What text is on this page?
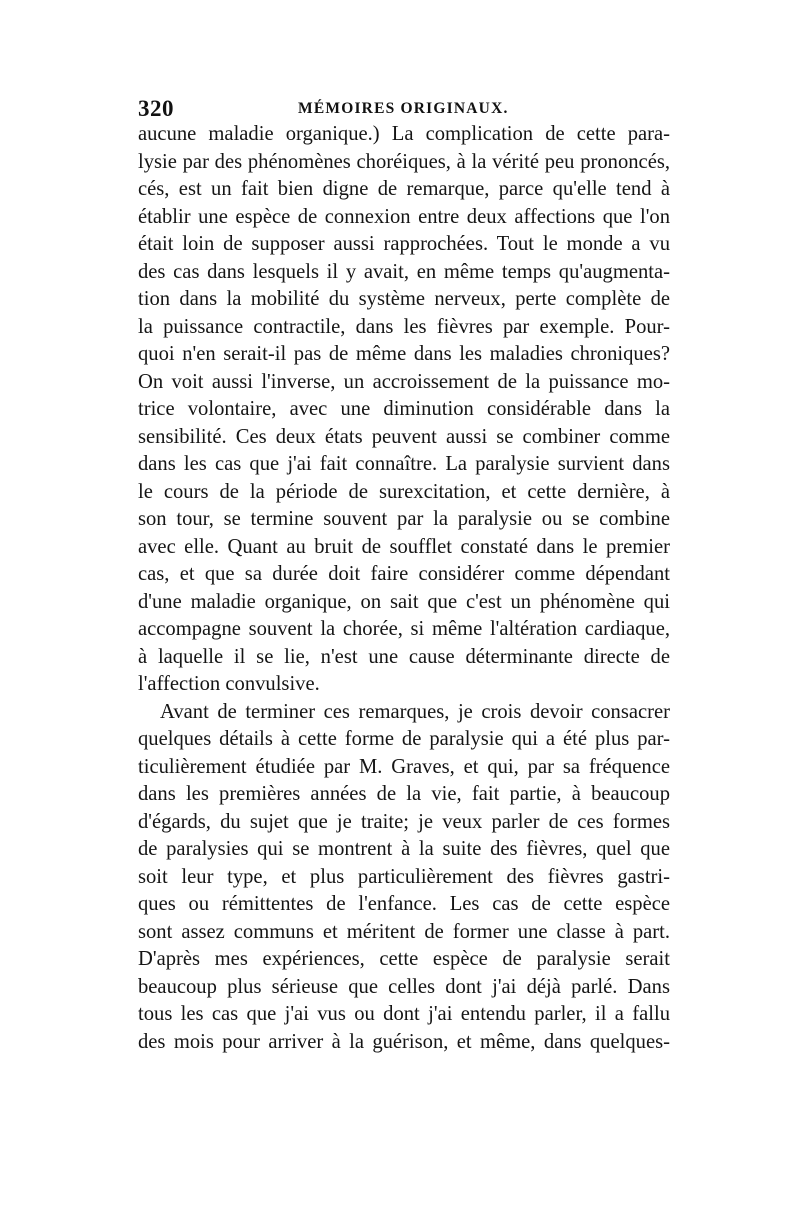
320	MÉMOIRES ORIGINAUX.
aucune maladie organique.) La complication de cette para-
lysie par des phénomènes choréiques, à la vérité peu prononcés,
cés, est un fait bien digne de remarque, parce qu'elle tend à
établir une espèce de connexion entre deux affections que l'on
était loin de supposer aussi rapprochées. Tout le monde a vu
des cas dans lesquels il y avait, en même temps qu'augmenta-
tion dans la mobilité du système nerveux, perte complète de
la puissance contractile, dans les fièvres par exemple. Pour-
quoi n'en serait-il pas de même dans les maladies chroniques?
On voit aussi l'inverse, un accroissement de la puissance mo-
trice volontaire, avec une diminution considérable dans la
sensibilité. Ces deux états peuvent aussi se combiner comme
dans les cas que j'ai fait connaître. La paralysie survient dans
le cours de la période de surexcitation, et cette dernière, à
son tour, se termine souvent par la paralysie ou se combine
avec elle. Quant au bruit de soufflet constaté dans le premier
cas, et que sa durée doit faire considérer comme dépendant
d'une maladie organique, on sait que c'est un phénomène qui
accompagne souvent la chorée, si même l'altération cardiaque,
à laquelle il se lie, n'est une cause déterminante directe de
l'affection convulsive.
Avant de terminer ces remarques, je crois devoir consacrer
quelques détails à cette forme de paralysie qui a été plus par-
ticulièrement étudiée par M. Graves, et qui, par sa fréquence
dans les premières années de la vie, fait partie, à beaucoup
d'égards, du sujet que je traite; je veux parler de ces formes
de paralysies qui se montrent à la suite des fièvres, quel que
soit leur type, et plus particulièrement des fièvres gastri-
ques ou rémittentes de l'enfance. Les cas de cette espèce
sont assez communs et méritent de former une classe à part.
D'après mes expériences, cette espèce de paralysie serait
beaucoup plus sérieuse que celles dont j'ai déjà parlé. Dans
tous les cas que j'ai vus ou dont j'ai entendu parler, il a fallu
des mois pour arriver à la guérison, et même, dans quelques-
